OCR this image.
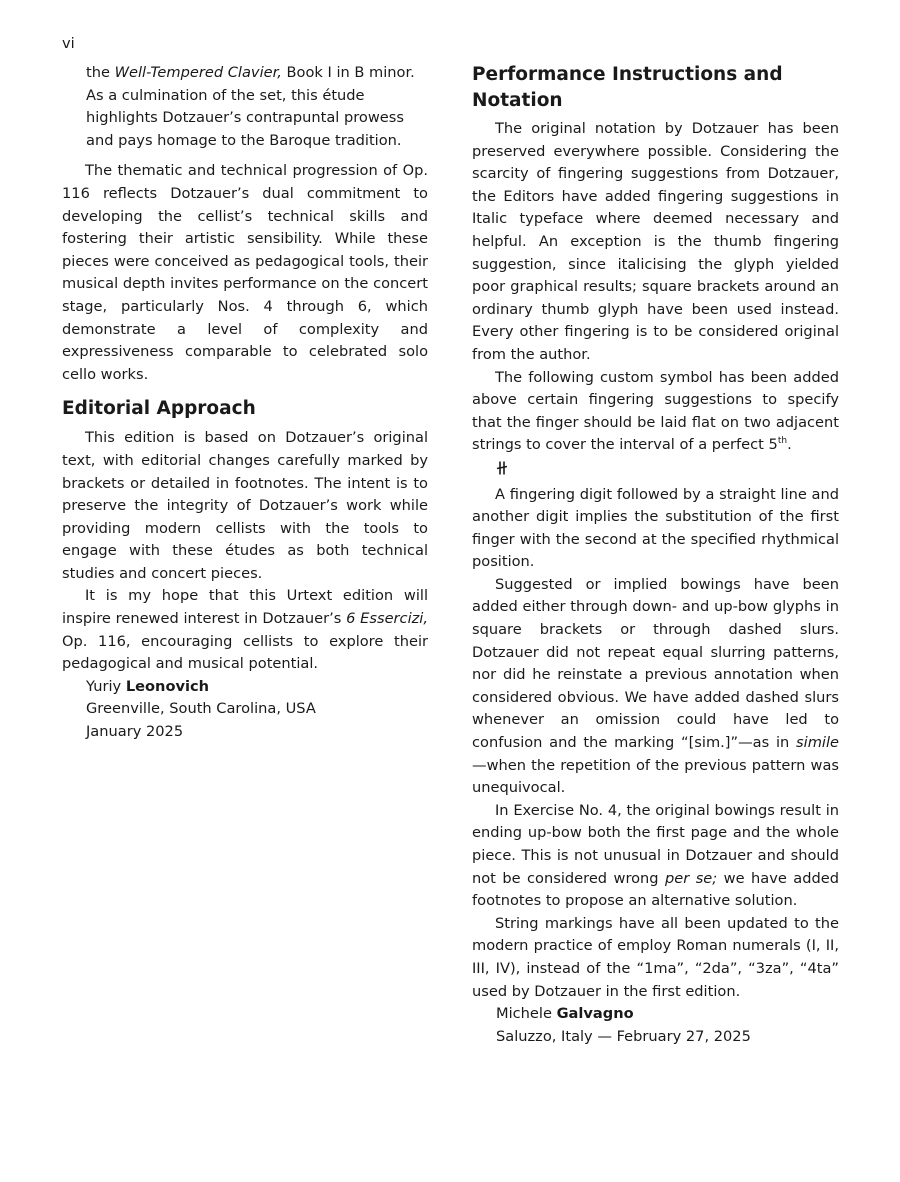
vi

the Well-Tempered Clavier, Book I in B minor. As a culmination of the set, this étude highlights Dotzauer’s contrapuntal prowess and pays homage to the Baroque tradition.

The thematic and technical progression of Op. 116 reflects Dotzauer’s dual commitment to developing the cellist’s technical skills and fostering their artistic sensibility. While these pieces were conceived as pedagogical tools, their musical depth invites performance on the concert stage, particularly Nos. 4 through 6, which demonstrate a level of complexity and expressiveness comparable to celebrated solo cello works.

Editorial Approach

This edition is based on Dotzauer’s original text, with editorial changes carefully marked by brackets or detailed in footnotes. The intent is to preserve the integrity of Dotzauer’s work while providing modern cellists with the tools to engage with these études as both technical studies and concert pieces.

It is my hope that this Urtext edition will inspire renewed interest in Dotzauer’s 6 Essercizi, Op. 116, encouraging cellists to explore their pedagogical and musical potential.

Yuriy Leonovich
Greenville, South Carolina, USA
January 2025
Performance Instructions and Notation

The original notation by Dotzauer has been preserved everywhere possible. Considering the scarcity of fingering suggestions from Dotzauer, the Editors have added fingering suggestions in Italic typeface where deemed necessary and helpful. An exception is the thumb fingering suggestion, since italicising the glyph yielded poor graphical results; square brackets around an ordinary thumb glyph have been used instead. Every other fingering is to be considered original from the author.

The following custom symbol has been added above certain fingering suggestions to specify that the finger should be laid flat on two adjacent strings to cover the interval of a perfect 5th.

A fingering digit followed by a straight line and another digit implies the substitution of the first finger with the second at the specified rhythmical position.

Suggested or implied bowings have been added either through down- and up-bow glyphs in square brackets or through dashed slurs. Dotzauer did not repeat equal slurring patterns, nor did he reinstate a previous annotation when considered obvious. We have added dashed slurs whenever an omission could have led to confusion and the marking “[sim.]”—as in simile—when the repetition of the previous pattern was unequivocal.

In Exercise No. 4, the original bowings result in ending up-bow both the first page and the whole piece. This is not unusual in Dotzauer and should not be considered wrong per se; we have added footnotes to propose an alternative solution.

String markings have all been updated to the modern practice of employ Roman numerals (I, II, III, IV), instead of the “1ma”, “2da”, “3za”, “4ta” used by Dotzauer in the first edition.

Michele Galvagno
Saluzzo, Italy — February 27, 2025
